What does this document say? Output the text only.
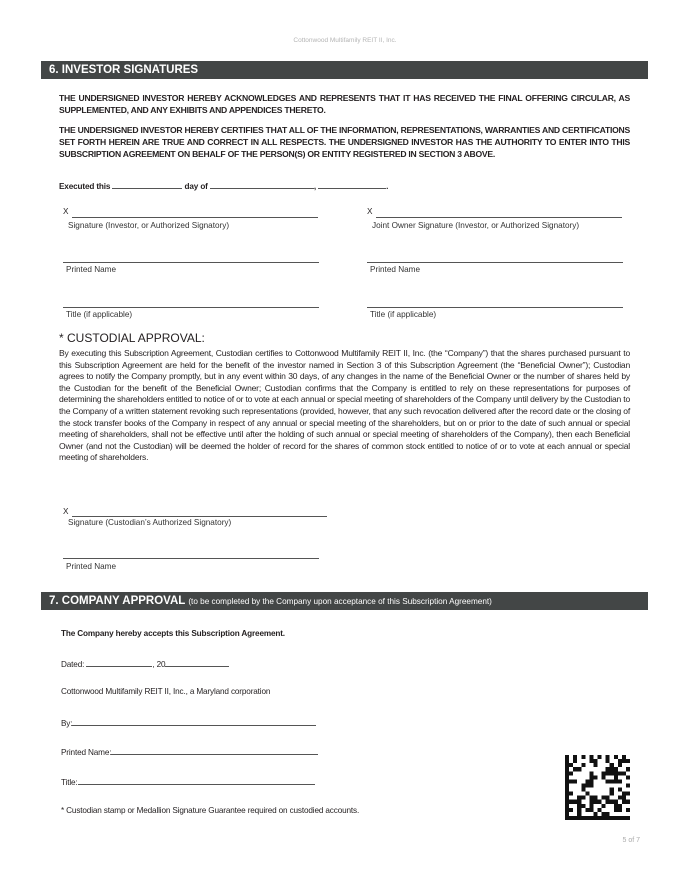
Cottonwood Multifamily REIT II, Inc.
6. INVESTOR SIGNATURES
THE UNDERSIGNED INVESTOR HEREBY ACKNOWLEDGES AND REPRESENTS THAT IT HAS RECEIVED THE FINAL OFFERING CIRCULAR, AS SUPPLEMENTED, AND ANY EXHIBITS AND APPENDICES THERETO.
THE UNDERSIGNED INVESTOR HEREBY CERTIFIES THAT ALL OF THE INFORMATION, REPRESENTATIONS, WARRANTIES AND CERTIFICATIONS SET FORTH HEREIN ARE TRUE AND CORRECT IN ALL RESPECTS. THE UNDERSIGNED INVESTOR HAS THE AUTHORITY TO ENTER INTO THIS SUBSCRIPTION AGREEMENT ON BEHALF OF THE PERSON(S) OR ENTITY REGISTERED IN SECTION 3 ABOVE.
Executed this	day of	,	.
X
Signature (Investor, or Authorized Signatory)
X
Joint Owner Signature (Investor, or Authorized Signatory)
Printed Name	Printed Name
Title (if applicable)	Title (if applicable)
* CUSTODIAL APPROVAL:
By executing this Subscription Agreement, Custodian certifies to Cottonwood Multifamily REIT II, Inc. (the “Company”) that the shares purchased pursuant to this Subscription Agreement are held for the benefit of the investor named in Section 3 of this Subscription Agreement (the “Beneficial Owner”); Custodian agrees to notify the Company promptly, but in any event within 30 days, of any changes in the name of the Beneficial Owner or the number of shares held by the Custodian for the benefit of the Beneficial Owner; Custodian confirms that the Company is entitled to rely on these representations for purposes of determining the shareholders entitled to notice of or to vote at each annual or special meeting of shareholders of the Company until delivery by the Custodian to the Company of a written statement revoking such representations (provided, however, that any such revocation delivered after the record date or the closing of the stock transfer books of the Company in respect of any annual or special meeting of the shareholders, but on or prior to the date of such annual or special meeting of shareholders, shall not be effective until after the holding of such annual or special meeting of shareholders of the Company), then each Beneficial Owner (and not the Custodian) will be deemed the holder of record for the shares of common stock entitled to notice of or to vote at each annual or special meeting of shareholders.
X
Signature (Custodian’s Authorized Signatory)
Printed Name
7. COMPANY APPROVAL (to be completed by the Company upon acceptance of this Subscription Agreement)
The Company hereby accepts this Subscription Agreement.
Dated:	, 20
Cottonwood Multifamily REIT II, Inc., a Maryland corporation
By:
Printed Name:
Title:
* Custodian stamp or Medallion Signature Guarantee required on custodied accounts.
5 of 7
